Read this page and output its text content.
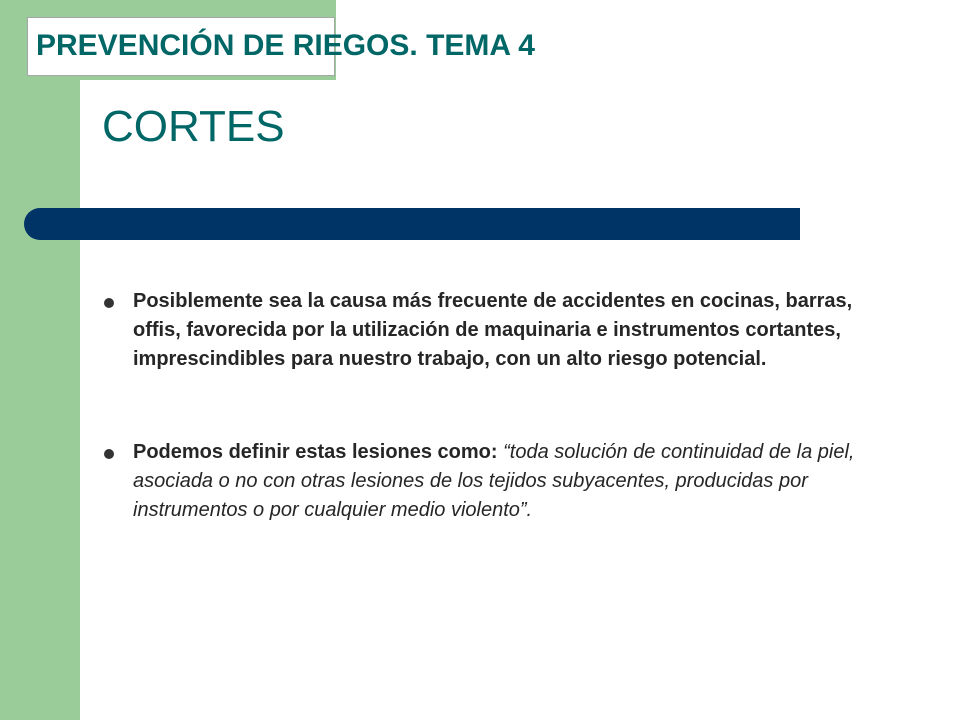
PREVENCIÓN DE RIEGOS. TEMA 4
CORTES
Posiblemente sea la causa más frecuente de accidentes en cocinas, barras, offis, favorecida por la utilización de maquinaria e instrumentos cortantes, imprescindibles para nuestro trabajo, con un alto riesgo potencial.
Podemos definir estas lesiones como: “toda solución de continuidad de la piel, asociada o no con otras lesiones de los tejidos subyacentes, producidas por instrumentos o por cualquier medio violento”.
